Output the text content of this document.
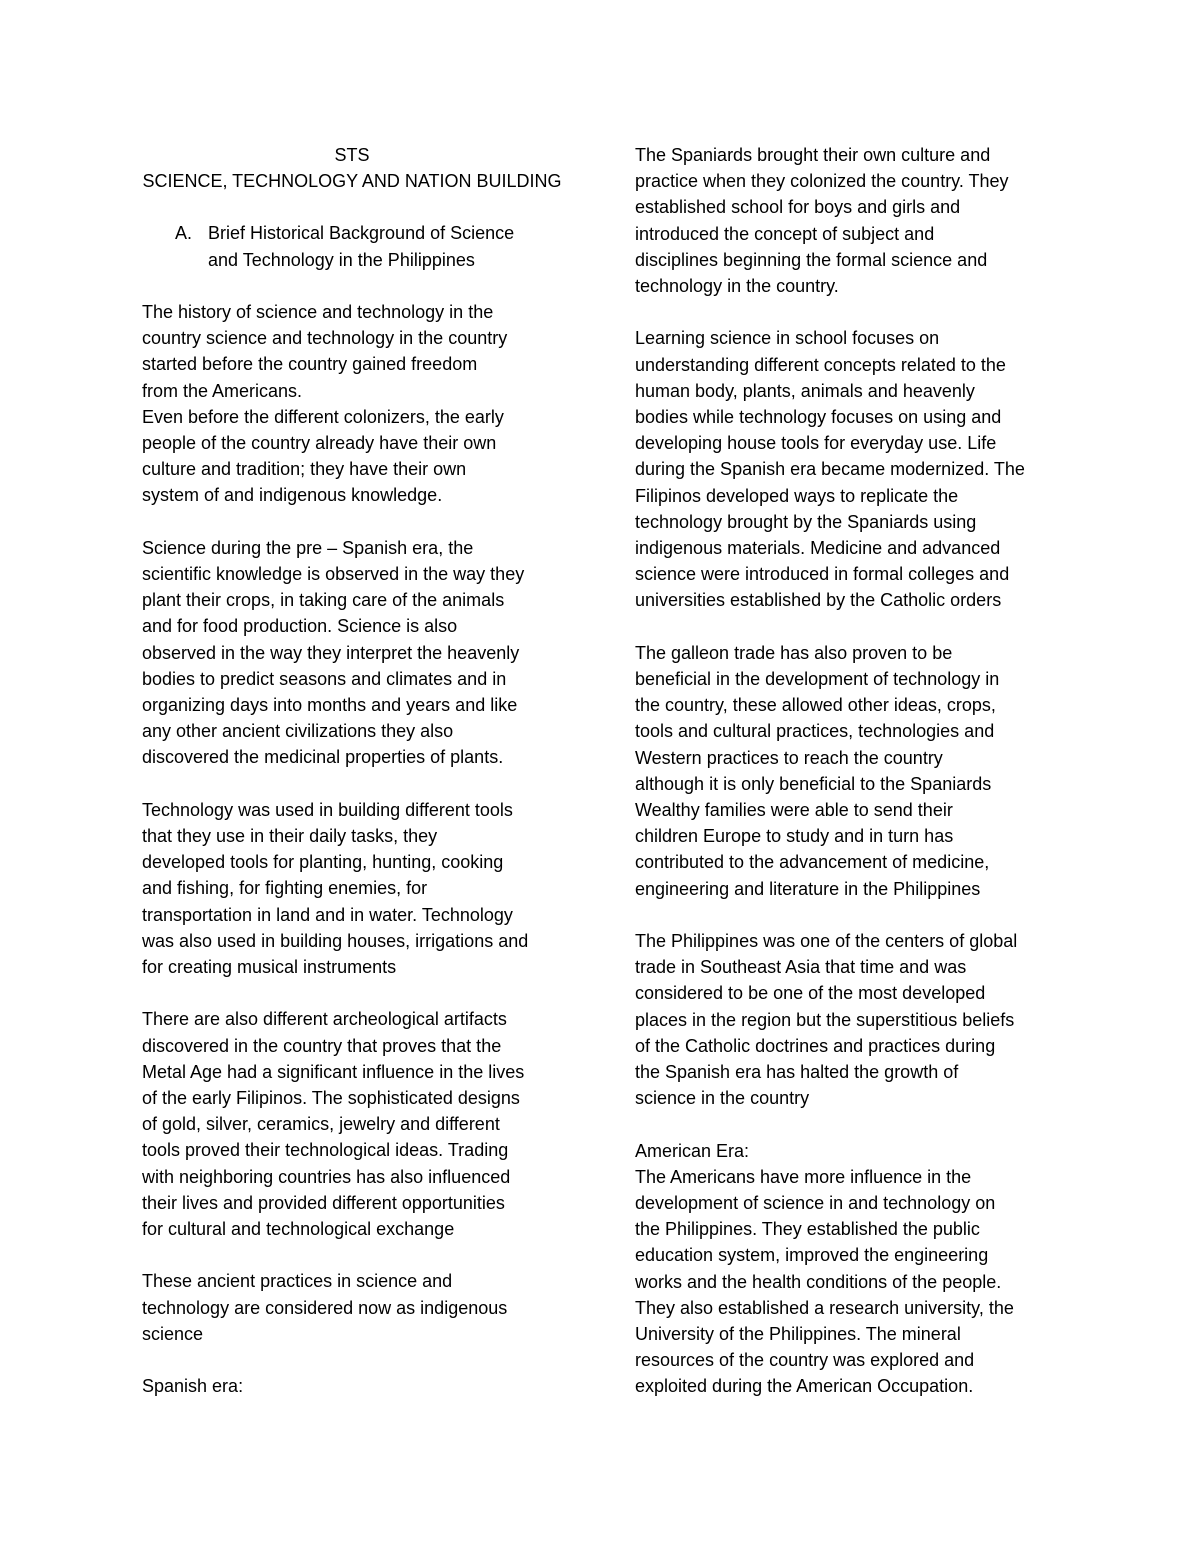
STS
SCIENCE, TECHNOLOGY AND NATION BUILDING
A. Brief Historical Background of Science
and Technology in the Philippines
The history of science and technology in the
country science and technology in the country
started before the country gained freedom
from the Americans.
Even before the different colonizers, the early
people of the country already have their own
culture and tradition; they have their own
system of and indigenous knowledge.
Science during the pre – Spanish era, the
scientific knowledge is observed in the way they
plant their crops, in taking care of the animals
and for food production. Science is also
observed in the way they interpret the heavenly
bodies to predict seasons and climates and in
organizing days into months and years and like
any other ancient civilizations they also
discovered the medicinal properties of plants.
Technology was used in building different tools
that they use in their daily tasks, they
developed tools for planting, hunting, cooking
and fishing, for fighting enemies, for
transportation in land and in water. Technology
was also used in building houses, irrigations and
for creating musical instruments
There are also different archeological artifacts
discovered in the country that proves that the
Metal Age had a significant influence in the lives
of the early Filipinos. The sophisticated designs
of gold, silver, ceramics, jewelry and different
tools proved their technological ideas. Trading
with neighboring countries has also influenced
their lives and provided different opportunities
for cultural and technological exchange
These ancient practices in science and
technology are considered now as indigenous
science
Spanish era:
The Spaniards brought their own culture and
practice when they colonized the country. They
established school for boys and girls and
introduced the concept of subject and
disciplines beginning the formal science and
technology in the country.
Learning science in school focuses on
understanding different concepts related to the
human body, plants, animals and heavenly
bodies while technology focuses on using and
developing house tools for everyday use. Life
during the Spanish era became modernized. The
Filipinos developed ways to replicate the
technology brought by the Spaniards using
indigenous materials. Medicine and advanced
science were introduced in formal colleges and
universities established by the Catholic orders
The galleon trade has also proven to be
beneficial in the development of technology in
the country, these allowed other ideas, crops,
tools and cultural practices, technologies and
Western practices to reach the country
although it is only beneficial to the Spaniards
Wealthy families were able to send their
children Europe to study and in turn has
contributed to the advancement of medicine,
engineering and literature in the Philippines
The Philippines was one of the centers of global
trade in Southeast Asia that time and was
considered to be one of the most developed
places in the region but the superstitious beliefs
of the Catholic doctrines and practices during
the Spanish era has halted the growth of
science in the country
American Era:
The Americans have more influence in the
development of science in and technology on
the Philippines. They established the public
education system, improved the engineering
works and the health conditions of the people.
They also established a research university, the
University of the Philippines. The mineral
resources of the country was explored and
exploited during the American Occupation.
